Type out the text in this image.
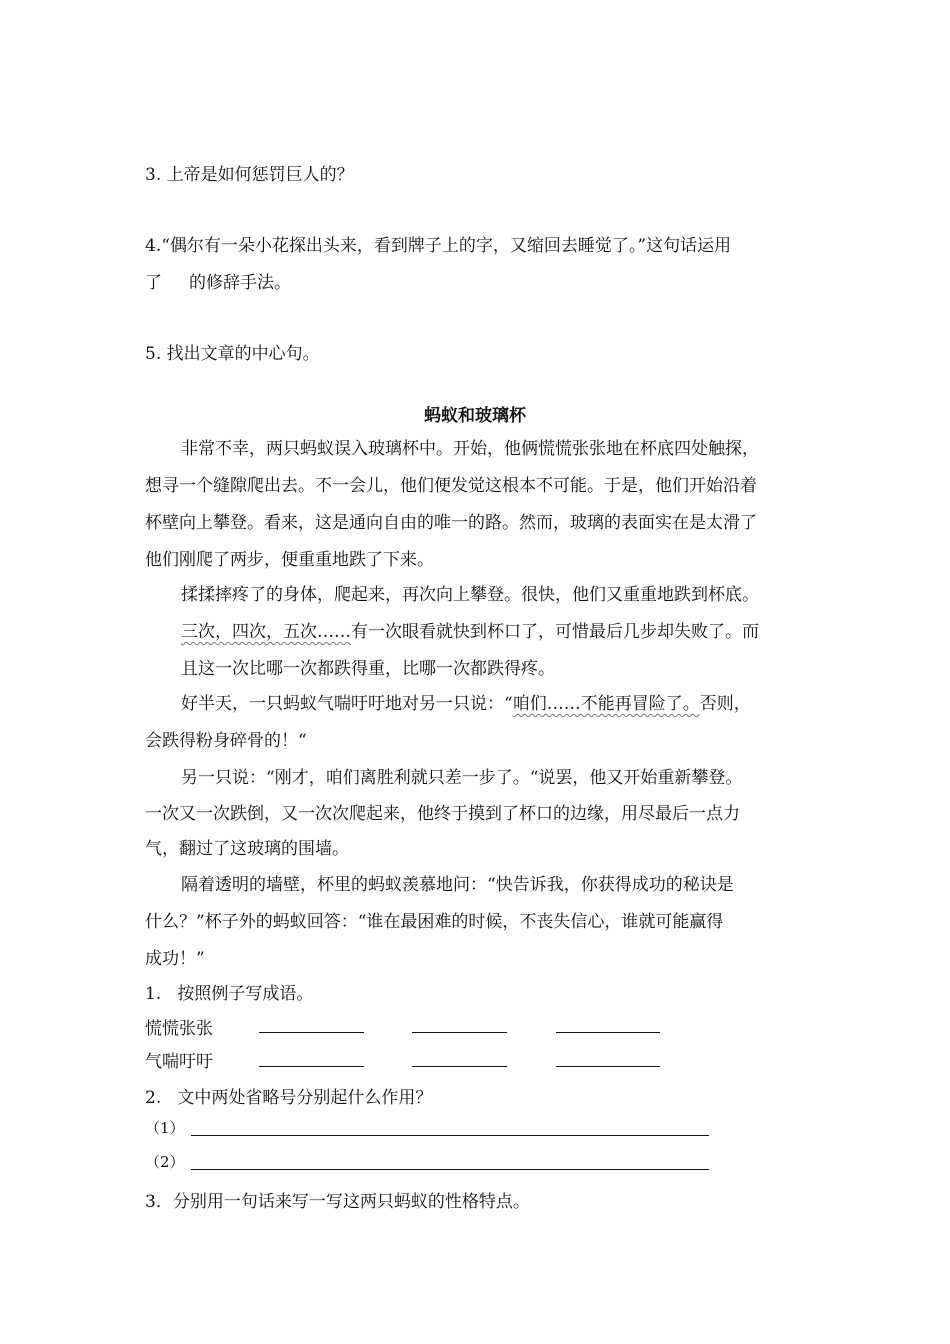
3. 上帝是如何惩罚巨人的？
4.“偶尔有一朵小花探出头来，看到牌子上的字，又缩回去睡觉了。”这句话运用
了     的修辞手法。
5. 找出文章的中心句。
蚂蚁和玻璃杯
非常不幸，两只蚂蚁误入玻璃杯中。开始，他俩慌慌张张地在杯底四处触探，
想寻一个缝隙爬出去。不一会儿，他们便发觉这根本不可能。于是，他们开始沿着
杯壁向上攀登。看来，这是通向自由的唯一的路。然而，玻璃的表面实在是太滑了
他们刚爬了两步，便重重地跌了下来。
揉揉摔疼了的身体，爬起来，再次向上攀登。很快，他们又重重地跌到杯底。
三次，四次，五次……有一次眼看就快到杯口了，可惜最后几步却失败了。而
且这一次比哪一次都跌得重，比哪一次都跌得疼。
好半天，一只蚂蚁气喘吁吁地对另一只说：“咱们……不能再冒险了。否则，
会跌得粉身碎骨的！“
另一只说：“刚才，咱们离胜利就只差一步了。“说罢，他又开始重新攀登。
一次又一次跌倒，又一次次爬起来，他终于摸到了杯口的边缘，用尽最后一点力
气，翻过了这玻璃的围墙。
隔着透明的墙壁，杯里的蚂蚁羡慕地问：“快告诉我，你获得成功的秘诀是
什么？”杯子外的蚂蚁回答：“谁在最困难的时候，不丧失信心，谁就可能赢得
成功！”
1.   按照例子写成语。
慌慌张张
气喘吁吁
2.   文中两处省略号分别起什么作用？
（1）
（2）
3．分别用一句话来写一写这两只蚂蚁的性格特点。
